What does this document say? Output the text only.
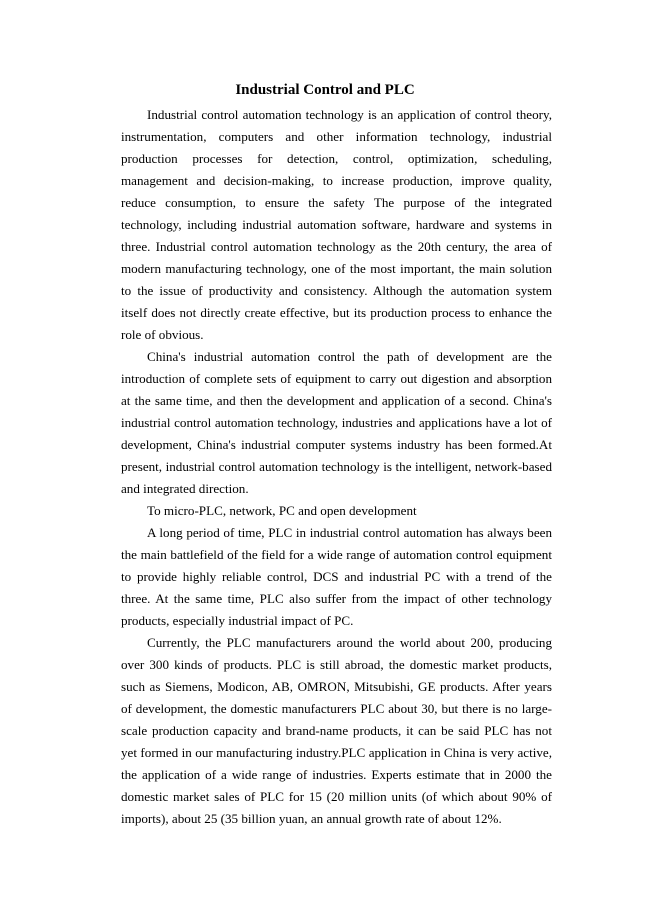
Industrial Control and PLC

Industrial control automation technology is an application of control theory, instrumentation, computers and other information technology, industrial production processes for detection, control, optimization, scheduling, management and decision-making, to increase production, improve quality, reduce consumption, to ensure the safety The purpose of the integrated technology, including industrial automation software, hardware and systems in three. Industrial control automation technology as the 20th century, the area of modern manufacturing technology, one of the most important, the main solution to the issue of productivity and consistency. Although the automation system itself does not directly create effective, but its production process to enhance the role of obvious.

China's industrial automation control the path of development are the introduction of complete sets of equipment to carry out digestion and absorption at the same time, and then the development and application of a second. China's industrial control automation technology, industries and applications have a lot of development, China's industrial computer systems industry has been formed.At present, industrial control automation technology is the intelligent, network-based and integrated direction.

To micro-PLC, network, PC and open development

A long period of time, PLC in industrial control automation has always been the main battlefield of the field for a wide range of automation control equipment to provide highly reliable control, DCS and industrial PC with a trend of the three. At the same time, PLC also suffer from the impact of other technology products, especially industrial impact of PC.

Currently, the PLC manufacturers around the world about 200, producing over 300 kinds of products. PLC is still abroad, the domestic market products, such as Siemens, Modicon, AB, OMRON, Mitsubishi, GE products. After years of development, the domestic manufacturers PLC about 30, but there is no large-scale production capacity and brand-name products, it can be said PLC has not yet formed in our manufacturing industry.PLC application in China is very active, the application of a wide range of industries. Experts estimate that in 2000 the domestic market sales of PLC for 15 (20 million units (of which about 90% of imports), about 25 (35 billion yuan, an annual growth rate of about 12%.
